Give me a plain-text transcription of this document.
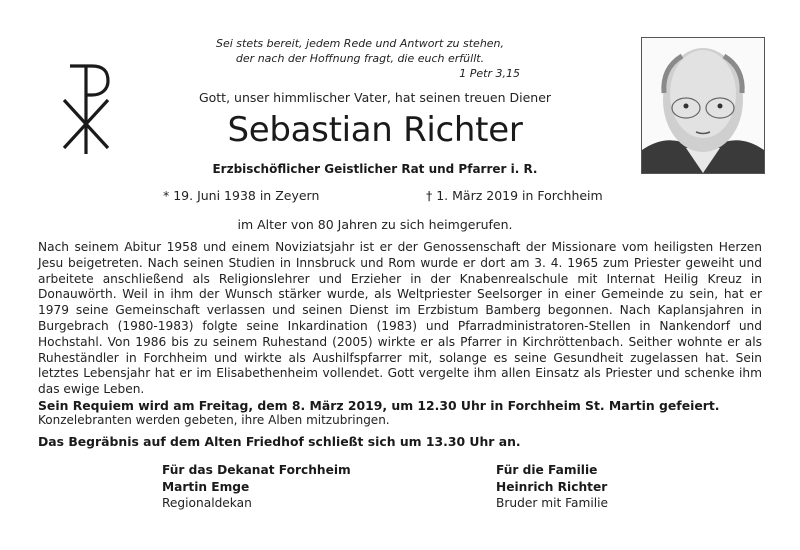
Sei stets bereit, jedem Rede und Antwort zu stehen,
der nach der Hoffnung fragt, die euch erfüllt.
1 Petr 3,15
Gott, unser himmlischer Vater, hat seinen treuen Diener
Sebastian Richter
Erzbischöflicher Geistlicher Rat und Pfarrer i. R.
* 19. Juni 1938 in Zeyern	† 1. März 2019 in Forchheim
im Alter von 80 Jahren zu sich heimgerufen.

Nach seinem Abitur 1958 und einem Noviziatsjahr ist er der Genossenschaft der Missionare vom heiligsten Herzen Jesu beigetreten. Nach seinen Studien in Innsbruck und Rom wurde er dort am 3. 4. 1965 zum Priester geweiht und arbeitete anschließend als Religionslehrer und Erzieher in der Knabenrealschule mit Internat Heilig Kreuz in Donauwörth. Weil in ihm der Wunsch stärker wurde, als Weltpriester Seelsorger in einer Gemeinde zu sein, hat er 1979 seine Gemeinschaft verlassen und seinen Dienst im Erzbistum Bamberg begonnen. Nach Kaplansjahren in Burgebrach (1980-1983) folgte seine Inkardination (1983) und Pfarradministratoren-Stellen in Nankendorf und Hochstahl. Von 1986 bis zu seinem Ruhestand (2005) wirkte er als Pfarrer in Kirchröttenbach. Seither wohnte er als Ruheständler in Forchheim und wirkte als Aushilfspfarrer mit, solange es seine Gesundheit zugelassen hat. Sein letztes Lebensjahr hat er im Elisabethenheim vollendet. Gott vergelte ihm allen Einsatz als Priester und schenke ihm das ewige Leben.

Sein Requiem wird am Freitag, dem 8. März 2019, um 12.30 Uhr in Forchheim St. Martin gefeiert.
Konzelebranten werden gebeten, ihre Alben mitzubringen.
Das Begräbnis auf dem Alten Friedhof schließt sich um 13.30 Uhr an.
Für das Dekanat Forchheim
Martin Emge
Regionaldekan
Für die Familie
Heinrich Richter
Bruder mit Familie
